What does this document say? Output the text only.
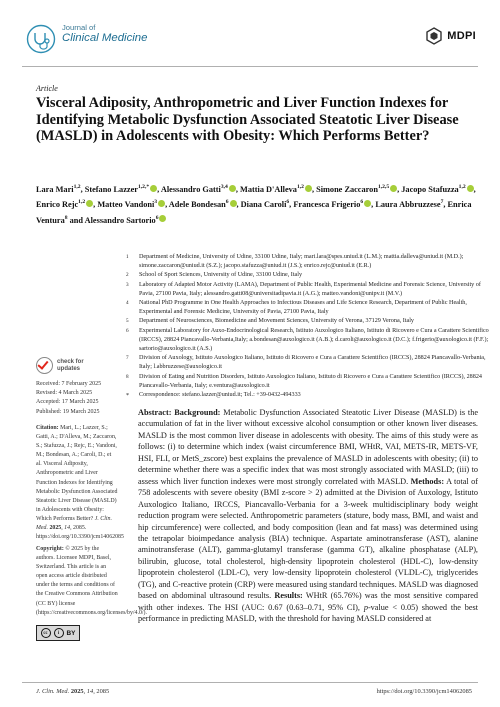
Journal of
Clinical Medicine	MDPI
Article
Visceral Adiposity, Anthropometric and Liver Function Indexes for Identifying Metabolic Dysfunction Associated Steatotic Liver Disease (MASLD) in Adolescents with Obesity: Which Performs Better?
Lara Mari$^{1,2}$, Stefano Lazzer$^{1,2,*}$ , Alessandro Gatti$^{3,4}$ , Mattia D'Alleva$^{1,2}$ , Simone Zaccaron$^{1,2,5}$ , Jacopo Stafuzza$^{1,2}$ , Enrico Rejc$^{1,2}$ , Matteo Vandoni$^3$ , Adele Bondesan$^6$ , Diana Caroli$^6$, Francesca Frigerio$^6$ , Laura Abbruzzese$^7$, Enrica Ventura$^8$ and Alessandro Sartorio$^6$
1	Department of Medicine, University of Udine, 33100 Udine, Italy; mari.lara@spes.uniud.it (L.M.); mattia.dalleva@uniud.it (M.D.); simone.zaccaron@uniud.it (S.Z.); jacopo.stafuzza@uniud.it (J.S.); enrico.rejc@uniud.it (E.R.)
2	School of Sport Sciences, University of Udine, 33100 Udine, Italy
3	Laboratory of Adapted Motor Activity (LAMA), Department of Public Health, Experimental Medicine and Forensic Science, University of Pavia, 27100 Pavia, Italy; alessandro.gatti08@universitadipavia.it (A.G.); matteo.vandoni@unipv.it (M.V.)
4	National PhD Programme in One Health Approaches to Infectious Diseases and Life Science Research, Department of Public Health, Experimental and Forensic Medicine, University of Pavia, 27100 Pavia, Italy
5	Department of Neurosciences, Biomedicine and Movement Sciences, University of Verona, 37129 Verona, Italy
6	Experimental Laboratory for Auxo-Endocrinological Research, Istituto Auxologico Italiano, Istituto di Ricovero e Cura a Carattere Scientifico (IRCCS), 28824 Piancavallo-Verbania,Italy; a.bondesan@auxologico.it (A.B.); d.caroli@auxologico.it (D.C.); f.frigerio@auxologico.it (F.F.); sartorio@auxologico.it (A.S.)
7	Division of Auxology, Istituto Auxologico Italiano, Istituto di Ricovero e Cura a Carattere Scientifico (IRCCS), 28824 Piancavallo-Verbania, Italy; l.abbruzzese@auxologico.it
8	Division of Eating and Nutrition Disorders, Istituto Auxologico Italiano, Istituto di Ricovero e Cura a Carattere Scientifico (IRCCS), 28824 Piancavallo-Verbania, Italy; e.ventura@auxologico.it
*	Correspondence: stefano.lazzer@uniud.it; Tel.: +39-0432-494333
check for
updates
Received: 7 February 2025
Revised: 4 March 2025
Accepted: 17 March 2025
Published: 19 March 2025
Citation: Mari, L.; Lazzer, S.; Gatti, A.; D'Alleva, M.; Zaccaron, S.; Stafuzza, J.; Rejc, E.; Vandoni, M.; Bondesan, A.; Caroli, D.; et al. Visceral Adiposity, Anthropometric and Liver Function Indexes for Identifying Metabolic Dysfunction Associated Steatotic Liver Disease (MASLD) in Adolescents with Obesity: Which Performs Better? J. Clin. Med. 2025, 14, 2085. https://doi.org/10.3390/jcm14062085
Copyright: © 2025 by the authors. Licensee MDPI, Basel, Switzerland. This article is an open access article distributed under the terms and conditions of the Creative Commons Attribution (CC BY) license (https://creativecommons.org/licenses/by/4.0/).
cc	i	BY
Abstract: Background: Metabolic Dysfunction Associated Steatotic Liver Disease (MASLD) is the accumulation of fat in the liver without excessive alcohol consumption or other known liver diseases. MASLD is the most common liver disease in adolescents with obesity. The aims of this study were as follows: (i) to determine which index (waist circumference BMI, WHtR, VAI, METS-IR, METS-VF, HSI, FLI, or MetS_zscore) best explains the prevalence of MASLD in adolescents with obesity; (ii) to determine whether there was a specific index that was most strongly associated with MASLD; (iii) to assess which liver function indexes were most strongly correlated with MASLD. Methods: A total of 758 adolescents with severe obesity (BMI z-score > 2) admitted at the Division of Auxology, Istituto Auxologico Italiano, IRCCS, Piancavallo-Verbania for a 3-week multidisciplinary body weight reduction program were selected. Anthropometric parameters (stature, body mass, BMI, and waist and hip circumference) were collected, and body composition (lean and fat mass) was determined using the tetrapolar bioimpedance analysis (BIA) technique. Aspartate aminotransferase (AST), alanine aminotransferase (ALT), gamma-glutamyl transferase (gamma GT), alkaline phosphatase (ALP), bilirubin, glucose, total cholesterol, high-density lipoprotein cholesterol (HDL-C), low-density lipoprotein cholesterol (LDL-C), very low-density lipoprotein cholesterol (VLDL-C), triglycerides (TG), and C-reactive protein (CRP) were measured using standard techniques. MASLD was diagnosed based on abdominal ultrasound results. Results: WHtR (65.76%) was the most sensitive compared with other indexes. The HSI (AUC: 0.67 (0.63–0.71, 95% CI), p-value < 0.05) showed the best performance in predicting MASLD, with the threshold for having MASLD considered at
J. Clin. Med. 2025, 14, 2085	https://doi.org/10.3390/jcm14062085
